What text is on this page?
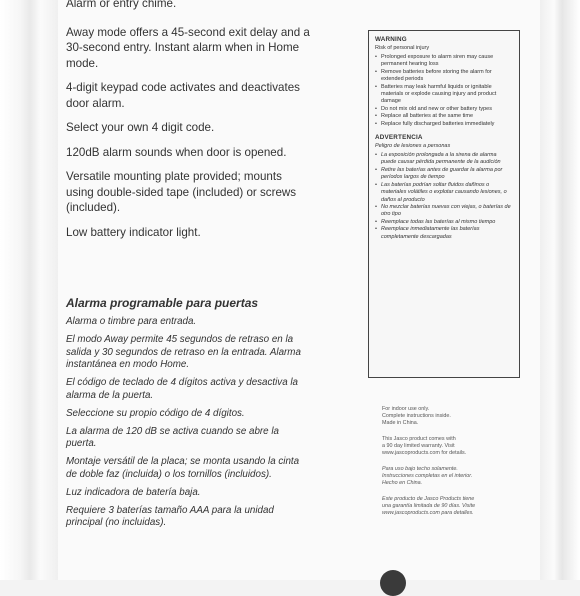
Alarm or entry chime.

Away mode offers a 45-second exit delay and a 30-second entry. Instant alarm when in Home mode.

4-digit keypad code activates and deactivates door alarm.

Select your own 4 digit code.

120dB alarm sounds when door is opened.

Versatile mounting plate provided; mounts using double-sided tape (included) or screws (included).

Low battery indicator light.

Alarma programable para puertas

Alarma o timbre para entrada.

El modo Away permite 45 segundos de retraso en la salida y 30 segundos de retraso en la entrada. Alarma instantánea en modo Home.

El código de teclado de 4 dígitos activa y desactiva la alarma de la puerta.

Seleccione su propio código de 4 dígitos.

La alarma de 120 dB se activa cuando se abre la puerta.

Montaje versátil de la placa; se monta usando la cinta de doble faz (incluida) o los tornillos (incluidos).

Luz indicadora de batería baja.

Requiere 3 baterías tamaño AAA para la unidad principal (no incluidas).

WARNING

Risk of personal injury

• Prolonged exposure to alarm siren may cause permanent hearing loss
• Remove batteries before storing the alarm for extended periods
• Batteries may leak harmful liquids or ignitable materials or explode causing injury and product damage
• Do not mix old and new or other battery types
• Replace all batteries at the same time
• Replace fully discharged batteries immediately

ADVERTENCIA

Peligro de lesiones a personas

• La exposición prolongada a la sirena de alarma puede causar pérdida permanente de la audición
• Retire las baterías antes de guardar la alarma por períodos largos de tiempo
• Las baterías podrían soltar fluidos dañinos o materiales volátiles o explotar causando lesiones, o daños al producto
• No mezclar baterías nuevas con viejas, o baterías de otro tipo
• Reemplace todas las baterías al mismo tiempo
• Reemplace inmediatamente las baterías completamente descargadas

For indoor use only.

Complete instructions inside.

Made in China.

This Jasco product comes with

a 90 day limited warranty. Visit

www.jascoproducts.com for details.

Para uso bajo techo solamente.

Instrucciones completas en el interior.

Hecho en China.

Este producto de Jasco Products tiene

una garantía limitada de 90 días. Visite

www.jascoproducts.com para detalles.
